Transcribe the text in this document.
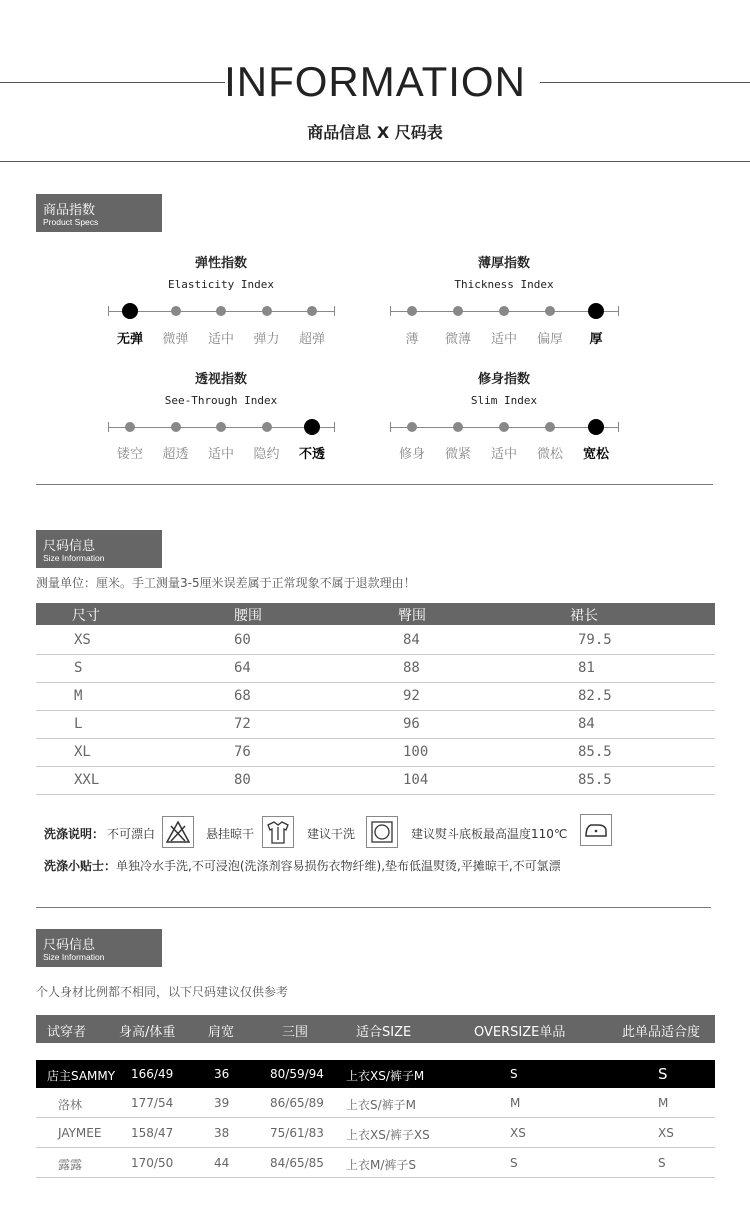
INFORMATION
商品信息 X 尺码表
商品指数
Product Specs
弹性指数
Elasticity Index
无弹	微弹	适中	弹力	超弹
薄厚指数
Thickness Index
薄	微薄	适中	偏厚	厚
透视指数
See-Through Index
镂空	超透	适中	隐约	不透
修身指数
Slim Index
修身	微紧	适中	微松	宽松
尺码信息
Size Information
测量单位：厘米。手工测量3-5厘米误差属于正常现象不属于退款理由！
尺寸	腰围	臀围	裙长
XS	60	84	79.5
S	64	88	81
M	68	92	82.5
L	72	96	84
XL	76	100	85.5
XXL	80	104	85.5
洗涤说明： 不可漂白	悬挂晾干	建议干洗	建议熨斗底板最高温度110℃
洗涤小贴士：单独冷水手洗,不可浸泡(洗涤剂容易损伤衣物纤维),垫布低温熨烫,平摊晾干,不可氯漂
尺码信息
Size Information
个人身材比例都不相同，以下尺码建议仅供参考
试穿者	身高/体重	肩宽	三围	适合SIZE	OVERSIZE单品	此单品适合度
店主SAMMY 166/49	36	80/59/94 上衣XS/裤子M	S	S
洛林	177/54	39	86/65/89 上衣S/裤子M	M	M
JAYMEE 158/47	38	75/61/83 上衣XS/裤子XS	XS	XS
露露	170/50	44	84/65/85 上衣M/裤子S	S	S
